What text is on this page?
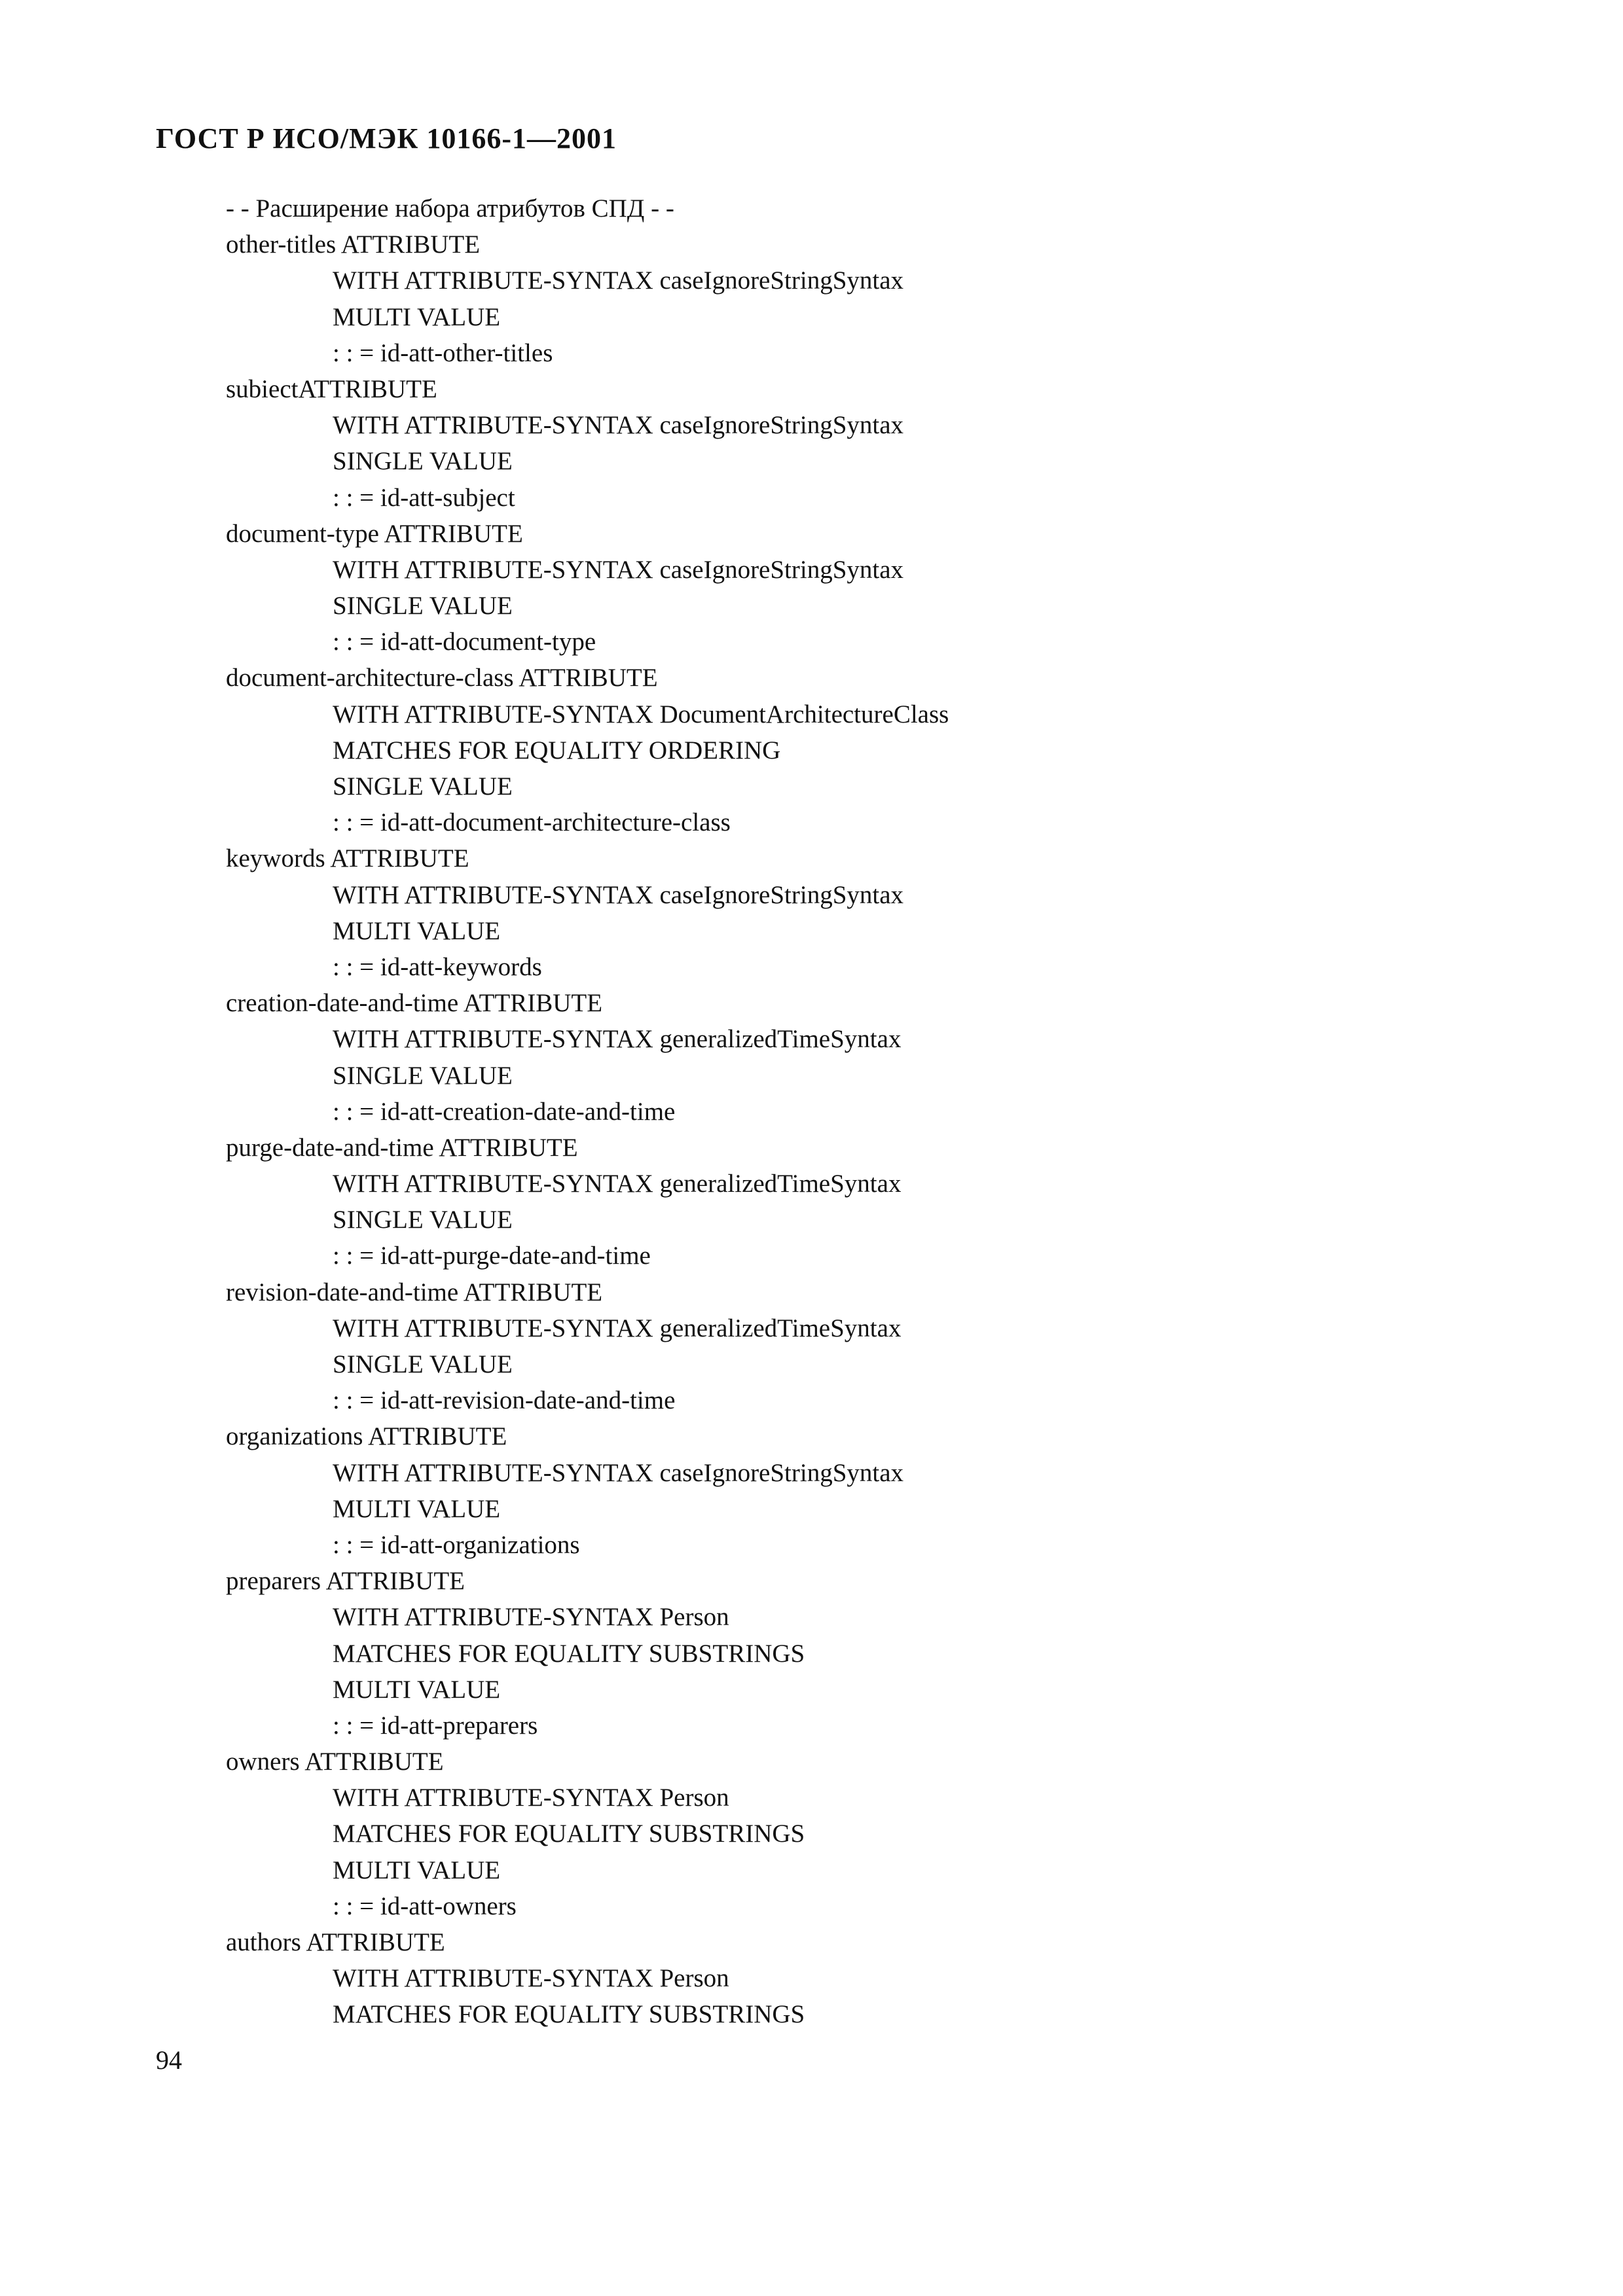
ГОСТ Р ИСО/МЭК 10166-1—2001
- - Расширение набора атрибутов СПД - -
other-titles ATTRIBUTE
WITH ATTRIBUTE-SYNTAX caseIgnoreStringSyntax
MULTI VALUE
: : = id-att-other-titles
subiectATTRIBUTE
WITH ATTRIBUTE-SYNTAX caseIgnoreStringSyntax
SINGLE VALUE
: : = id-att-subject
document-type ATTRIBUTE
WITH ATTRIBUTE-SYNTAX caseIgnoreStringSyntax
SINGLE VALUE
: : = id-att-document-type
document-architecture-class ATTRIBUTE
WITH ATTRIBUTE-SYNTAX DocumentArchitectureClass
MATCHES FOR EQUALITY ORDERING
SINGLE VALUE
: : = id-att-document-architecture-class
keywords ATTRIBUTE
WITH ATTRIBUTE-SYNTAX caseIgnoreStringSyntax
MULTI VALUE
: : = id-att-keywords
creation-date-and-time ATTRIBUTE
WITH ATTRIBUTE-SYNTAX generalizedTimeSyntax
SINGLE VALUE
: : = id-att-creation-date-and-time
purge-date-and-time ATTRIBUTE
WITH ATTRIBUTE-SYNTAX generalizedTimeSyntax
SINGLE VALUE
: : = id-att-purge-date-and-time
revision-date-and-time ATTRIBUTE
WITH ATTRIBUTE-SYNTAX generalizedTimeSyntax
SINGLE VALUE
: : = id-att-revision-date-and-time
organizations ATTRIBUTE
WITH ATTRIBUTE-SYNTAX caseIgnoreStringSyntax
MULTI VALUE
: : = id-att-organizations
preparers ATTRIBUTE
WITH ATTRIBUTE-SYNTAX Person
MATCHES FOR EQUALITY SUBSTRINGS
MULTI VALUE
: : = id-att-preparers
owners ATTRIBUTE
WITH ATTRIBUTE-SYNTAX Person
MATCHES FOR EQUALITY SUBSTRINGS
MULTI VALUE
: : = id-att-owners
authors ATTRIBUTE
WITH ATTRIBUTE-SYNTAX Person
MATCHES FOR EQUALITY SUBSTRINGS
94
